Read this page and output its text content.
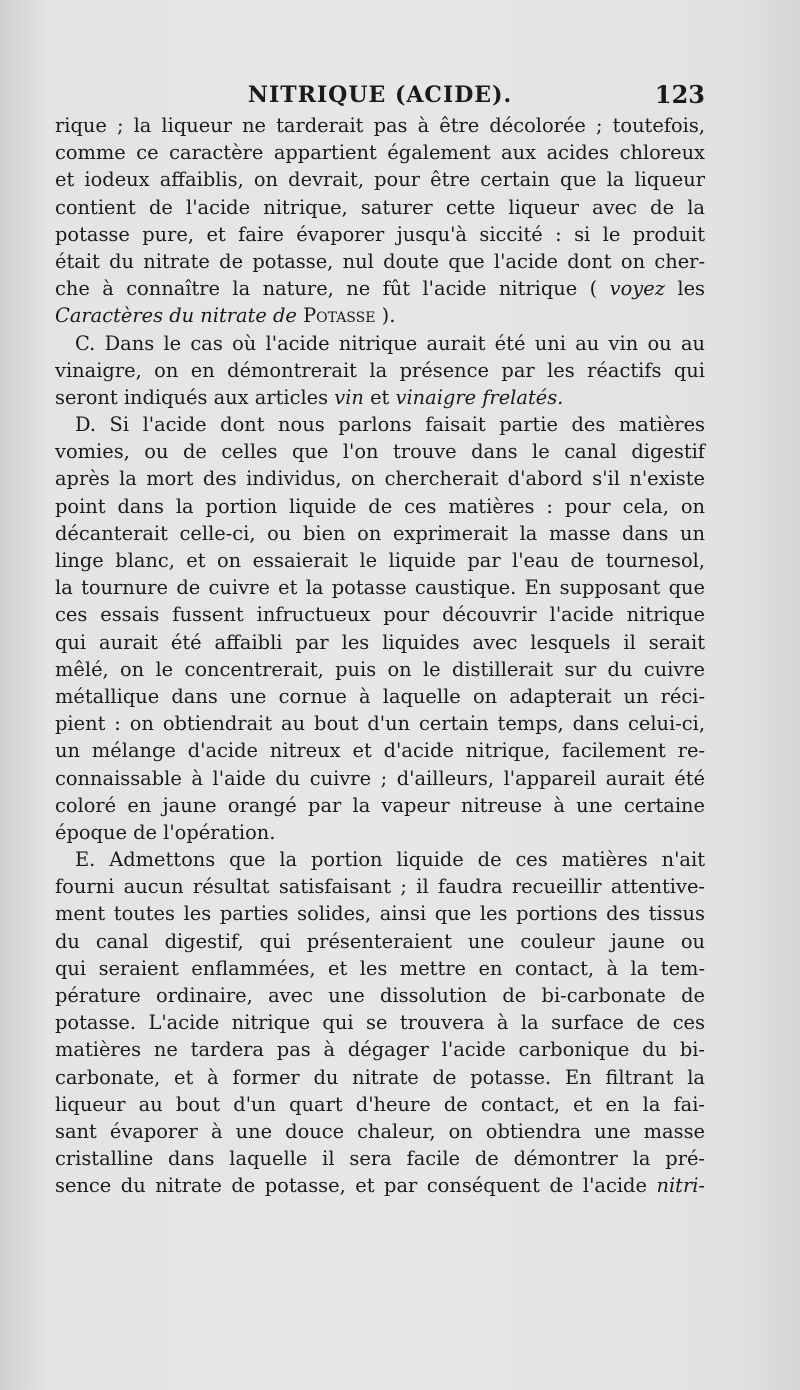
NITRIQUE (ACIDE).	123
rique ; la liqueur ne tarderait pas à être décolorée ; toutefois,
comme ce caractère appartient également aux acides chloreux
et iodeux affaiblis, on devrait, pour être certain que la liqueur
contient de l'acide nitrique, saturer cette liqueur avec de la
potasse pure, et faire évaporer jusqu'à siccité : si le produit
était du nitrate de potasse, nul doute que l'acide dont on cher-
che à connaître la nature, ne fût l'acide nitrique ( voyez les
Caractères du nitrate de Potasse ).
C. Dans le cas où l'acide nitrique aurait été uni au vin ou au
vinaigre, on en démontrerait la présence par les réactifs qui
seront indiqués aux articles vin et vinaigre frelatés.
D. Si l'acide dont nous parlons faisait partie des matières
vomies, ou de celles que l'on trouve dans le canal digestif
après la mort des individus, on chercherait d'abord s'il n'existe
point dans la portion liquide de ces matières : pour cela, on
décanterait celle-ci, ou bien on exprimerait la masse dans un
linge blanc, et on essaierait le liquide par l'eau de tournesol,
la tournure de cuivre et la potasse caustique. En supposant que
ces essais fussent infructueux pour découvrir l'acide nitrique
qui aurait été affaibli par les liquides avec lesquels il serait
mêlé, on le concentrerait, puis on le distillerait sur du cuivre
métallique dans une cornue à laquelle on adapterait un réci-
pient : on obtiendrait au bout d'un certain temps, dans celui-ci,
un mélange d'acide nitreux et d'acide nitrique, facilement re-
connaissable à l'aide du cuivre ; d'ailleurs, l'appareil aurait été
coloré en jaune orangé par la vapeur nitreuse à une certaine
époque de l'opération.
E. Admettons que la portion liquide de ces matières n'ait
fourni aucun résultat satisfaisant ; il faudra recueillir attentive-
ment toutes les parties solides, ainsi que les portions des tissus
du canal digestif, qui présenteraient une couleur jaune ou
qui seraient enflammées, et les mettre en contact, à la tem-
pérature ordinaire, avec une dissolution de bi-carbonate de
potasse. L'acide nitrique qui se trouvera à la surface de ces
matières ne tardera pas à dégager l'acide carbonique du bi-
carbonate, et à former du nitrate de potasse. En filtrant la
liqueur au bout d'un quart d'heure de contact, et en la fai-
sant évaporer à une douce chaleur, on obtiendra une masse
cristalline dans laquelle il sera facile de démontrer la pré-
sence du nitrate de potasse, et par conséquent de l'acide nitri-
